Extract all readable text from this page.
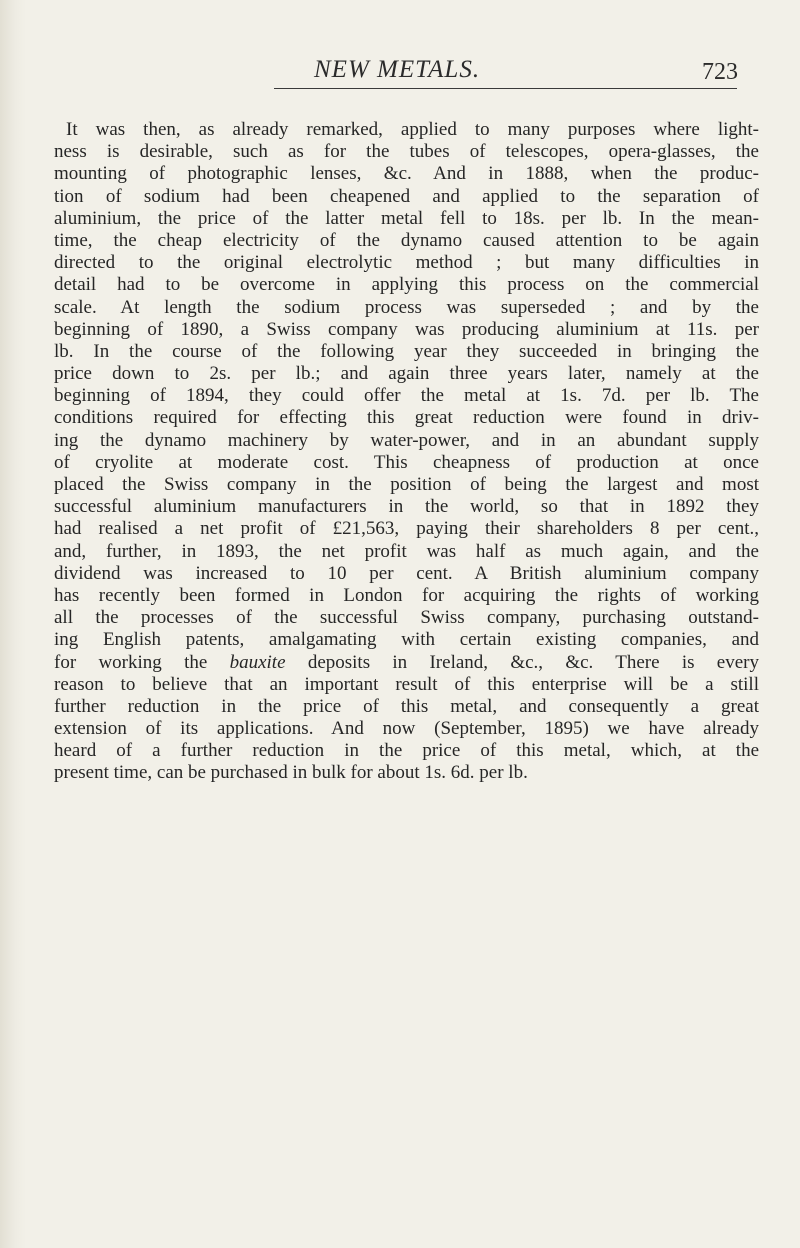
NEW METALS.	723
It was then, as already remarked, applied to many purposes where light-
ness is desirable, such as for the tubes of telescopes, opera-glasses, the
mounting of photographic lenses, &c. And in 1888, when the produc-
tion of sodium had been cheapened and applied to the separation of
aluminium, the price of the latter metal fell to 18s. per lb. In the mean-
time, the cheap electricity of the dynamo caused attention to be again
directed to the original electrolytic method ; but many difficulties in
detail had to be overcome in applying this process on the commercial
scale. At length the sodium process was superseded ; and by the
beginning of 1890, a Swiss company was producing aluminium at 11s. per
lb. In the course of the following year they succeeded in bringing the
price down to 2s. per lb.; and again three years later, namely at the
beginning of 1894, they could offer the metal at 1s. 7d. per lb. The
conditions required for effecting this great reduction were found in driv-
ing the dynamo machinery by water-power, and in an abundant supply
of cryolite at moderate cost. This cheapness of production at once
placed the Swiss company in the position of being the largest and most
successful aluminium manufacturers in the world, so that in 1892 they
had realised a net profit of £21,563, paying their shareholders 8 per cent.,
and, further, in 1893, the net profit was half as much again, and the
dividend was increased to 10 per cent. A British aluminium company
has recently been formed in London for acquiring the rights of working
all the processes of the successful Swiss company, purchasing outstand-
ing English patents, amalgamating with certain existing companies, and
for working the bauxite deposits in Ireland, &c., &c. There is every
reason to believe that an important result of this enterprise will be a still
further reduction in the price of this metal, and consequently a great
extension of its applications. And now (September, 1895) we have already
heard of a further reduction in the price of this metal, which, at the
present time, can be purchased in bulk for about 1s. 6d. per lb.
